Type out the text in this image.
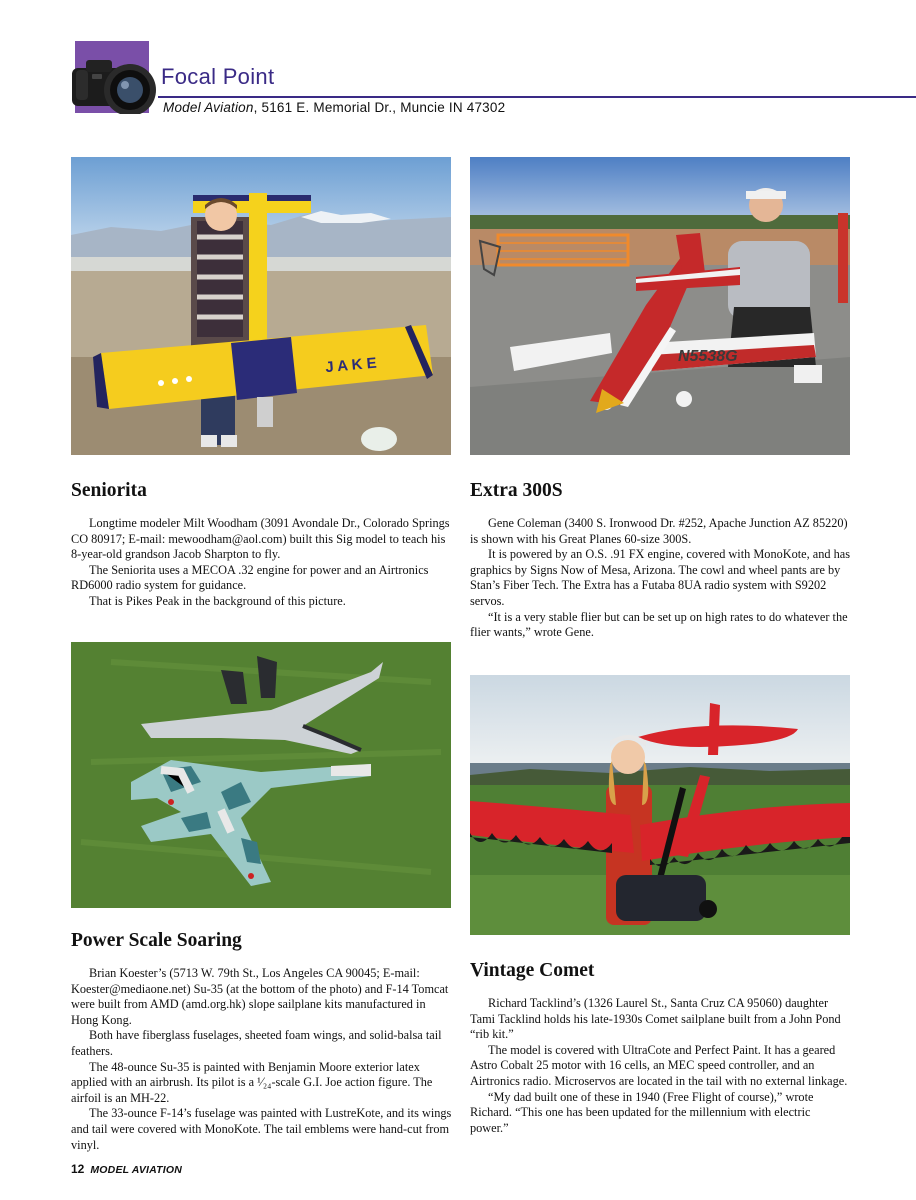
Focal Point
Model Aviation, 5161 E. Memorial Dr., Muncie IN 47302
J A K E	N5538G
Seniorita

Longtime modeler Milt Woodham (3091 Avondale Dr., Colorado Springs CO 80917; E-mail: mewoodham@aol.com) built this Sig model to teach his 8-year-old grandson Jacob Sharpton to fly.

The Seniorita uses a MECOA .32 engine for power and an Airtronics RD6000 radio system for guidance.

That is Pikes Peak in the background of this picture.

Extra 300S

Gene Coleman (3400 S. Ironwood Dr. #252, Apache Junction AZ 85220) is shown with his Great Planes 60-size 300S.

It is powered by an O.S. .91 FX engine, covered with MonoKote, and has graphics by Signs Now of Mesa, Arizona. The cowl and wheel pants are by Stan’s Fiber Tech. The Extra has a Futaba 8UA radio system with S9202 servos.

“It is a very stable flier but can be set up on high rates to do whatever the flier wants,” wrote Gene.

Power Scale Soaring

Brian Koester’s (5713 W. 79th St., Los Angeles CA 90045; E-mail: Koester@mediaone.net) Su-35 (at the bottom of the photo) and F-14 Tomcat were built from AMD (amd.org.hk) slope sailplane kits manufactured in Hong Kong.

Both have fiberglass fuselages, sheeted foam wings, and solid-balsa tail feathers.

The 48-ounce Su-35 is painted with Benjamin Moore exterior latex applied with an airbrush. Its pilot is a ¹⁄₂₄-scale G.I. Joe action figure. The airfoil is an MH-22.

The 33-ounce F-14’s fuselage was painted with LustreKote, and its wings and tail were covered with MonoKote. The tail emblems were hand-cut from vinyl.

Vintage Comet

Richard Tacklind’s (1326 Laurel St., Santa Cruz CA 95060) daughter Tami Tacklind holds his late-1930s Comet sailplane built from a John Pond “rib kit.”

The model is covered with UltraCote and Perfect Paint. It has a geared Astro Cobalt 25 motor with 16 cells, an MEC speed controller, and an Airtronics radio. Microservos are located in the tail with no external linkage.

“My dad built one of these in 1940 (Free Flight of course),” wrote Richard. “This one has been updated for the millennium with electric power.”

12 MODEL AVIATION
